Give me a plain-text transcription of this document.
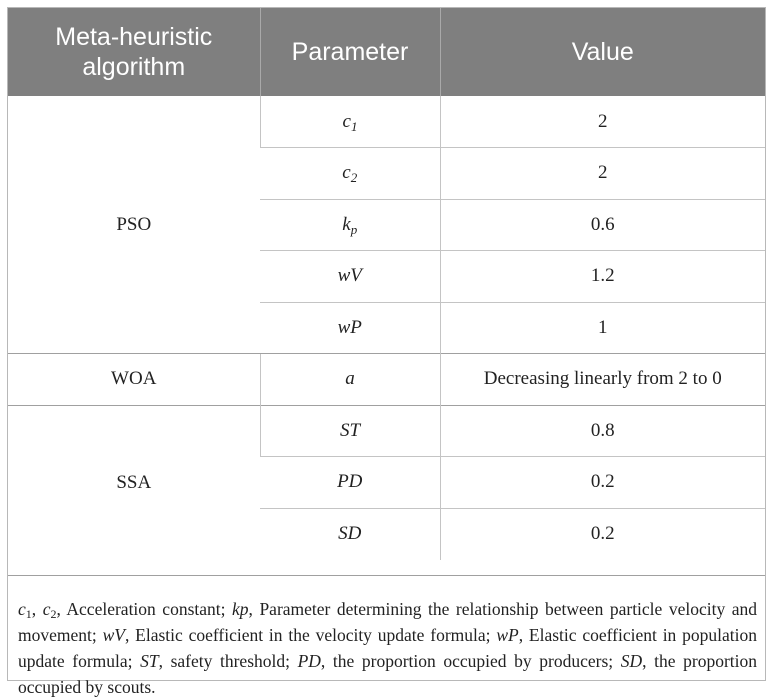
Meta-heuristic algorithm	Parameter	Value
PSO	$c_1$	2
	$c_2$	2
	$k_p$	0.6
	wV	1.2
	wP	1
WOA	a	Decreasing linearly from 2 to 0
SSA	ST	0.8
	PD	0.2
	SD	0.2
$c_1$, $c_2$, Acceleration constant; kp, Parameter determining the relationship between particle velocity and movement; wV, Elastic coefficient in the velocity update formula; wP, Elastic coefficient in population update formula; ST, safety threshold; PD, the proportion occupied by producers; SD, the proportion occupied by scouts.
